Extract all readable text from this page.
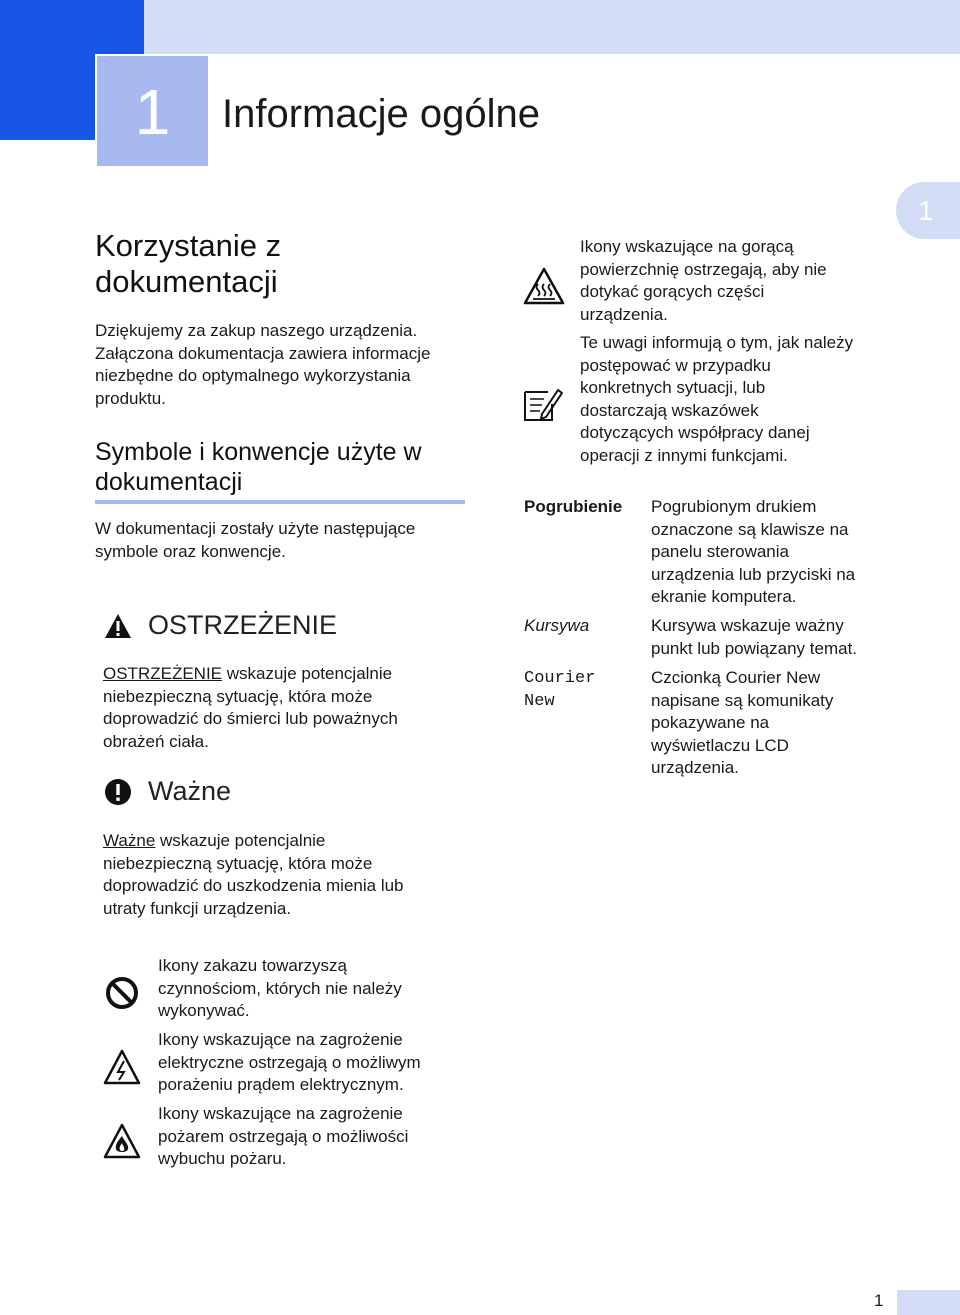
1	Informacje ogólne
1
Korzystanie z
dokumentacji

Dziękujemy za zakup naszego urządzenia.
Załączona dokumentacja zawiera informacje
niezbędne do optymalnego wykorzystania
produktu.

Symbole i konwencje użyte w
dokumentacji

W dokumentacji zostały użyte następujące
symbole oraz konwencje.

OSTRZEŻENIE

OSTRZEŻENIE wskazuje potencjalnie
niebezpieczną sytuację, która może
doprowadzić do śmierci lub poważnych
obrażeń ciała.

Ważne

Ważne wskazuje potencjalnie
niebezpieczną sytuację, która może
doprowadzić do uszkodzenia mienia lub
utraty funkcji urządzenia.

Ikony zakazu towarzyszą
czynnościom, których nie należy
wykonywać.

Ikony wskazujące na zagrożenie
elektryczne ostrzegają o możliwym
porażeniu prądem elektrycznym.

Ikony wskazujące na zagrożenie
pożarem ostrzegają o możliwości
wybuchu pożaru.

Ikony wskazujące na gorącą
powierzchnię ostrzegają, aby nie
dotykać gorących części
urządzenia.

Te uwagi informują o tym, jak należy
postępować w przypadku
konkretnych sytuacji, lub
dostarczają wskazówek
dotyczących współpracy danej
operacji z innymi funkcjami.

Pogrubienie Pogrubionym drukiem
oznaczone są klawisze na
panelu sterowania
urządzenia lub przyciski na
ekranie komputera.

Kursywa	Kursywa wskazuje ważny
punkt lub powiązany temat.

Courier
New

Czcionką Courier New
napisane są komunikaty
pokazywane na
wyświetlaczu LCD
urządzenia.

1
